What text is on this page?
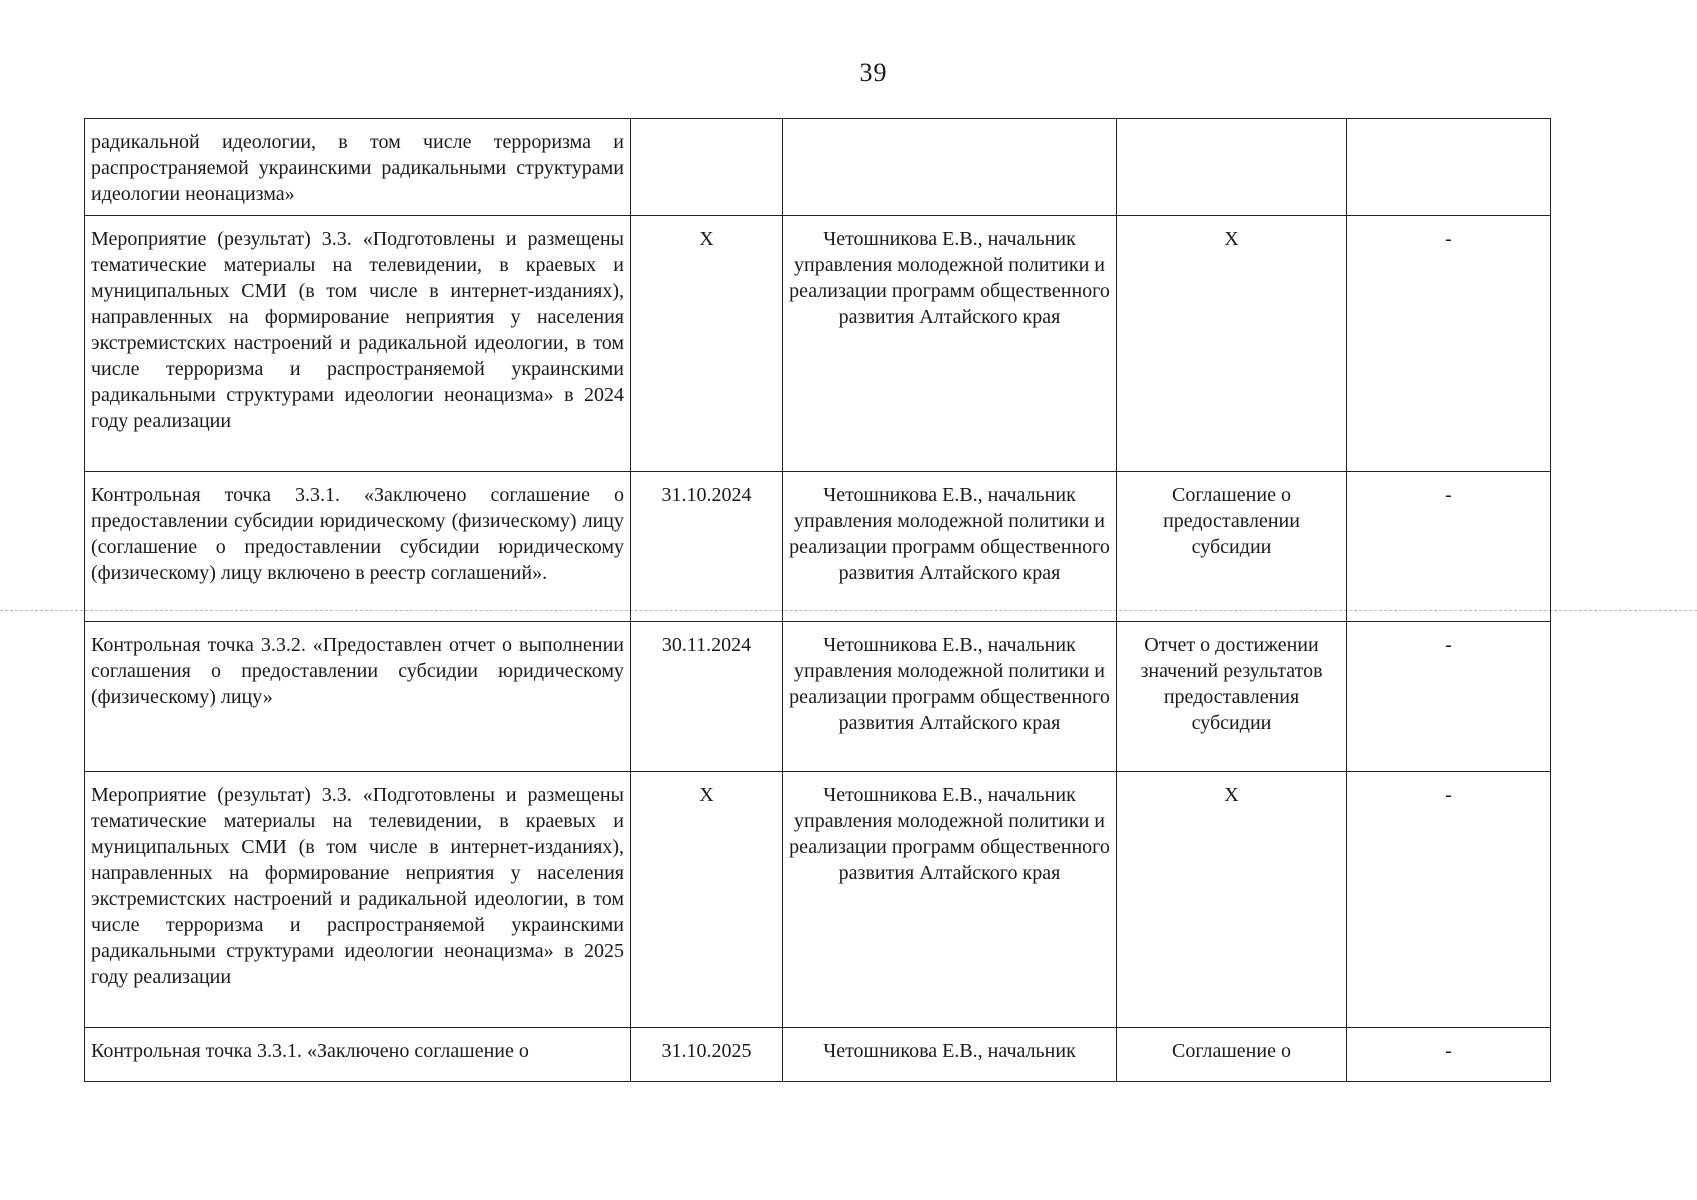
39
радикальной идеологии, в том числе терроризма и распространяемой украинскими радикальными структурами идеологии неонацизма»				
Мероприятие (результат) 3.3. «Подготовлены и размещены тематические материалы на телевидении, в краевых и муниципальных СМИ (в том числе в интернет-изданиях), направленных на формирование неприятия у населения экстремистских настроений и радикальной идеологии, в том числе терроризма и распространяемой украинскими радикальными структурами идеологии неонацизма» в 2024 году реализации	X	Четошникова Е.В., начальник управления молодежной политики и реализации программ общественного развития Алтайского края	X	-
Контрольная точка 3.3.1. «Заключено соглашение о предоставлении субсидии юридическому (физическому) лицу (соглашение о предоставлении субсидии юридическому (физическому) лицу включено в реестр соглашений».	31.10.2024	Четошникова Е.В., начальник управления молодежной политики и реализации программ общественного развития Алтайского края	Соглашение о предоставлении субсидии	-
Контрольная точка 3.3.2. «Предоставлен отчет о выполнении соглашения о предоставлении субсидии юридическому (физическому) лицу»	30.11.2024	Четошникова Е.В., начальник управления молодежной политики и реализации программ общественного развития Алтайского края	Отчет о достижении значений результатов предоставления субсидии	-
Мероприятие (результат) 3.3. «Подготовлены и размещены тематические материалы на телевидении, в краевых и муниципальных СМИ (в том числе в интернет-изданиях), направленных на формирование неприятия у населения экстремистских настроений и радикальной идеологии, в том числе терроризма и распространяемой украинскими радикальными структурами идеологии неонацизма» в 2025 году реализации	X	Четошникова Е.В., начальник управления молодежной политики и реализации программ общественного развития Алтайского края	X	-
Контрольная точка 3.3.1. «Заключено соглашение о	31.10.2025	Четошникова Е.В., начальник	Соглашение о	-
